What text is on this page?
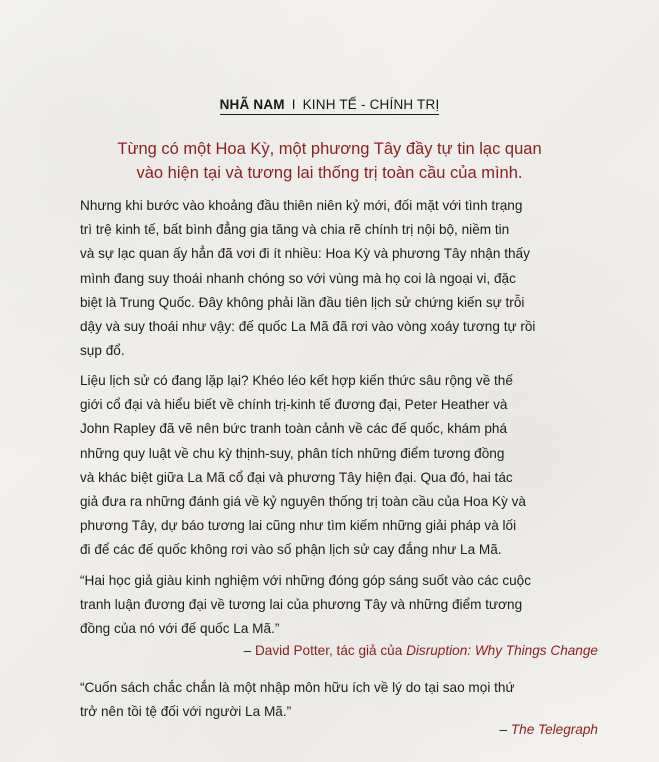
NHÃ NAM I KINH TẾ - CHÍNH TRỊ
Từng có một Hoa Kỳ, một phương Tây đầy tự tin lạc quan
vào hiện tại và tương lai thống trị toàn cầu của mình.
Nhưng khi bước vào khoảng đầu thiên niên kỷ mới, đối mặt với tình trạng
trì trệ kinh tế, bất bình đẳng gia tăng và chia rẽ chính trị nội bộ, niềm tin
và sự lạc quan ấy hẳn đã vơi đi ít nhiều: Hoa Kỳ và phương Tây nhận thấy
mình đang suy thoái nhanh chóng so với vùng mà họ coi là ngoại vi, đặc
biệt là Trung Quốc. Đây không phải lần đầu tiên lịch sử chứng kiến sự trỗi
dậy và suy thoái như vậy: đế quốc La Mã đã rơi vào vòng xoáy tương tự rồi
sụp đổ.
Liệu lịch sử có đang lặp lại? Khéo léo kết hợp kiến thức sâu rộng về thế
giới cổ đại và hiểu biết về chính trị-kinh tế đương đại, Peter Heather và
John Rapley đã vẽ nên bức tranh toàn cảnh về các đế quốc, khám phá
những quy luật về chu kỳ thịnh-suy, phân tích những điểm tương đồng
và khác biệt giữa La Mã cổ đại và phương Tây hiện đại. Qua đó, hai tác
giả đưa ra những đánh giá về kỷ nguyên thống trị toàn cầu của Hoa Kỳ và
phương Tây, dự báo tương lai cũng như tìm kiếm những giải pháp và lối
đi để các đế quốc không rơi vào số phận lịch sử cay đắng như La Mã.
“Hai học giả giàu kinh nghiệm với những đóng góp sáng suốt vào các cuộc
tranh luận đương đại về tương lai của phương Tây và những điểm tương
đồng của nó với đế quốc La Mã.”
– David Potter, tác giả của Disruption: Why Things Change
“Cuốn sách chắc chắn là một nhập môn hữu ích về lý do tại sao mọi thứ
trở nên tồi tệ đối với người La Mã.”
– The Telegraph
